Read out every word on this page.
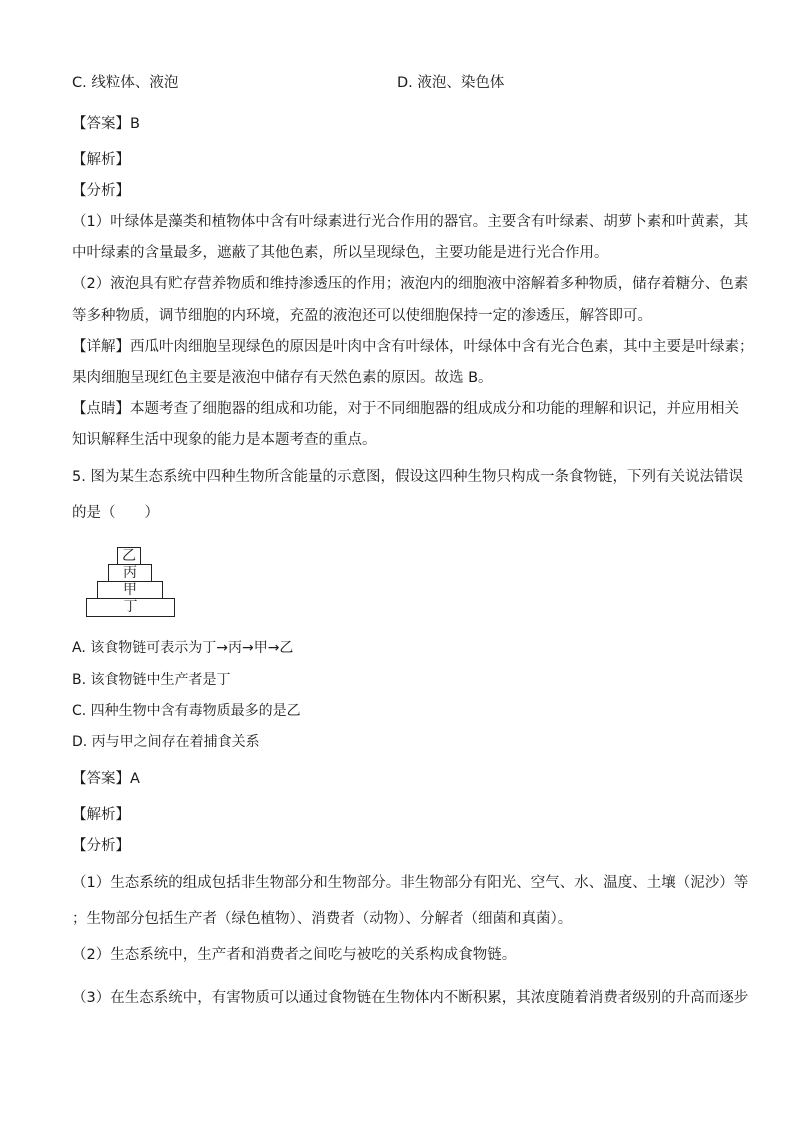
C. 线粒体、液泡	D. 液泡、染色体
【答案】B
【解析】
【分析】
（1）叶绿体是藻类和植物体中含有叶绿素进行光合作用的器官。主要含有叶绿素、胡萝卜素和叶黄素，其
中叶绿素的含量最多，遮蔽了其他色素，所以呈现绿色，主要功能是进行光合作用。
（2）液泡具有贮存营养物质和维持渗透压的作用；液泡内的细胞液中溶解着多种物质，储存着糖分、色素
等多种物质，调节细胞的内环境，充盈的液泡还可以使细胞保持一定的渗透压，解答即可。
【详解】西瓜叶肉细胞呈现绿色的原因是叶肉中含有叶绿体，叶绿体中含有光合色素，其中主要是叶绿素；
果肉细胞呈现红色主要是液泡中储存有天然色素的原因。故选 B。
【点睛】本题考查了细胞器的组成和功能，对于不同细胞器的组成成分和功能的理解和识记，并应用相关
知识解释生活中现象的能力是本题考查的重点。
5. 图为某生态系统中四种生物所含能量的示意图，假设这四种生物只构成一条食物链，下列有关说法错误
的是（　　）
乙
丙
甲
丁
A. 该食物链可表示为丁→丙→甲→乙
B. 该食物链中生产者是丁
C. 四种生物中含有毒物质最多的是乙
D. 丙与甲之间存在着捕食关系
【答案】A
【解析】
【分析】
（1）生态系统的组成包括非生物部分和生物部分。非生物部分有阳光、空气、水、温度、土壤（泥沙）等
；生物部分包括生产者（绿色植物）、消费者（动物）、分解者（细菌和真菌）。
（2）生态系统中，生产者和消费者之间吃与被吃的关系构成食物链。
（3）在生态系统中，有害物质可以通过食物链在生物体内不断积累，其浓度随着消费者级别的升高而逐步
